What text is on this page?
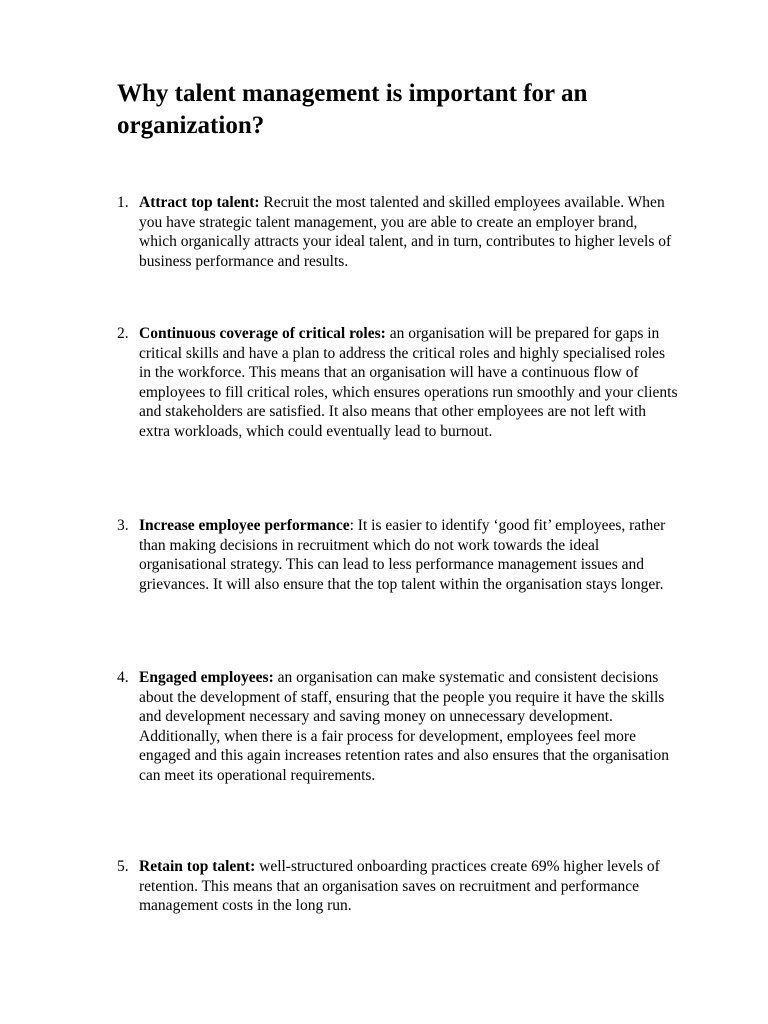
Why talent management is important for an organization?
1. Attract top talent: Recruit the most talented and skilled employees available. When you have strategic talent management, you are able to create an employer brand, which organically attracts your ideal talent, and in turn, contributes to higher levels of business performance and results.
2. Continuous coverage of critical roles: an organisation will be prepared for gaps in critical skills and have a plan to address the critical roles and highly specialised roles in the workforce. This means that an organisation will have a continuous flow of employees to fill critical roles, which ensures operations run smoothly and your clients and stakeholders are satisfied. It also means that other employees are not left with extra workloads, which could eventually lead to burnout.
3. Increase employee performance: It is easier to identify ‘good fit’ employees, rather than making decisions in recruitment which do not work towards the ideal organisational strategy. This can lead to less performance management issues and grievances. It will also ensure that the top talent within the organisation stays longer.
4. Engaged employees: an organisation can make systematic and consistent decisions about the development of staff, ensuring that the people you require it have the skills and development necessary and saving money on unnecessary development. Additionally, when there is a fair process for development, employees feel more engaged and this again increases retention rates and also ensures that the organisation can meet its operational requirements.
5. Retain top talent: well-structured onboarding practices create 69% higher levels of retention. This means that an organisation saves on recruitment and performance management costs in the long run.
